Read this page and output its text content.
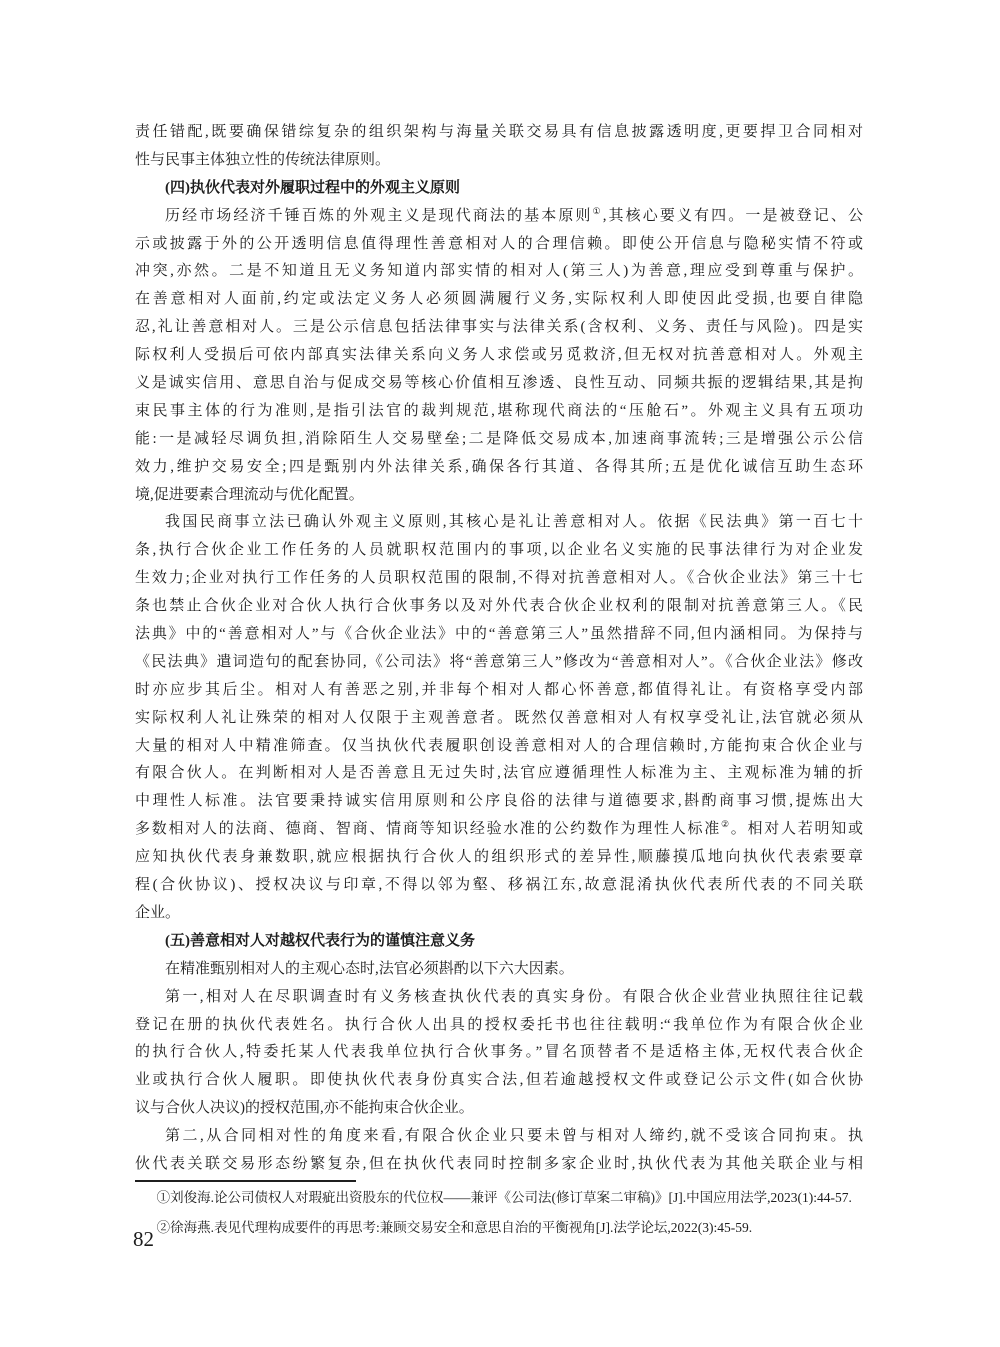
责任错配,既要确保错综复杂的组织架构与海量关联交易具有信息披露透明度,更要捍卫合同相对
性与民事主体独立性的传统法律原则。
(四)执伙代表对外履职过程中的外观主义原则
历经市场经济千锤百炼的外观主义是现代商法的基本原则①,其核心要义有四。一是被登记、公
示或披露于外的公开透明信息值得理性善意相对人的合理信赖。即使公开信息与隐秘实情不符或
冲突,亦然。二是不知道且无义务知道内部实情的相对人(第三人)为善意,理应受到尊重与保护。
在善意相对人面前,约定或法定义务人必须圆满履行义务,实际权利人即使因此受损,也要自律隐
忍,礼让善意相对人。三是公示信息包括法律事实与法律关系(含权利、义务、责任与风险)。四是实
际权利人受损后可依内部真实法律关系向义务人求偿或另觅救济,但无权对抗善意相对人。外观主
义是诚实信用、意思自治与促成交易等核心价值相互渗透、良性互动、同频共振的逻辑结果,其是拘
束民事主体的行为准则,是指引法官的裁判规范,堪称现代商法的“压舱石”。外观主义具有五项功
能:一是减轻尽调负担,消除陌生人交易壁垒;二是降低交易成本,加速商事流转;三是增强公示公信
效力,维护交易安全;四是甄别内外法律关系,确保各行其道、各得其所;五是优化诚信互助生态环
境,促进要素合理流动与优化配置。
我国民商事立法已确认外观主义原则,其核心是礼让善意相对人。依据《民法典》第一百七十
条,执行合伙企业工作任务的人员就职权范围内的事项,以企业名义实施的民事法律行为对企业发
生效力;企业对执行工作任务的人员职权范围的限制,不得对抗善意相对人。《合伙企业法》第三十七
条也禁止合伙企业对合伙人执行合伙事务以及对外代表合伙企业权利的限制对抗善意第三人。《民
法典》中的“善意相对人”与《合伙企业法》中的“善意第三人”虽然措辞不同,但内涵相同。为保持与
《民法典》遣词造句的配套协同,《公司法》将“善意第三人”修改为“善意相对人”。《合伙企业法》修改
时亦应步其后尘。相对人有善恶之别,并非每个相对人都心怀善意,都值得礼让。有资格享受内部
实际权利人礼让殊荣的相对人仅限于主观善意者。既然仅善意相对人有权享受礼让,法官就必须从
大量的相对人中精准筛查。仅当执伙代表履职创设善意相对人的合理信赖时,方能拘束合伙企业与
有限合伙人。在判断相对人是否善意且无过失时,法官应遵循理性人标准为主、主观标准为辅的折
中理性人标准。法官要秉持诚实信用原则和公序良俗的法律与道德要求,斟酌商事习惯,提炼出大
多数相对人的法商、德商、智商、情商等知识经验水准的公约数作为理性人标准②。相对人若明知或
应知执伙代表身兼数职,就应根据执行合伙人的组织形式的差异性,顺藤摸瓜地向执伙代表索要章
程(合伙协议)、授权决议与印章,不得以邻为壑、移祸江东,故意混淆执伙代表所代表的不同关联
企业。
(五)善意相对人对越权代表行为的谨慎注意义务
在精准甄别相对人的主观心态时,法官必须斟酌以下六大因素。
第一,相对人在尽职调查时有义务核查执伙代表的真实身份。有限合伙企业营业执照往往记载
登记在册的执伙代表姓名。执行合伙人出具的授权委托书也往往载明:“我单位作为有限合伙企业
的执行合伙人,特委托某人代表我单位执行合伙事务。”冒名顶替者不是适格主体,无权代表合伙企
业或执行合伙人履职。即使执伙代表身份真实合法,但若逾越授权文件或登记公示文件(如合伙协
议与合伙人决议)的授权范围,亦不能拘束合伙企业。
第二,从合同相对性的角度来看,有限合伙企业只要未曾与相对人缔约,就不受该合同拘束。执
伙代表关联交易形态纷繁复杂,但在执伙代表同时控制多家企业时,执伙代表为其他关联企业与相
①刘俊海.论公司债权人对瑕疵出资股东的代位权——兼评《公司法(修订草案二审稿)》[J].中国应用法学,2023(1):44-57.
②徐海燕.表见代理构成要件的再思考:兼顾交易安全和意思自治的平衡视角[J].法学论坛,2022(3):45-59.
82
